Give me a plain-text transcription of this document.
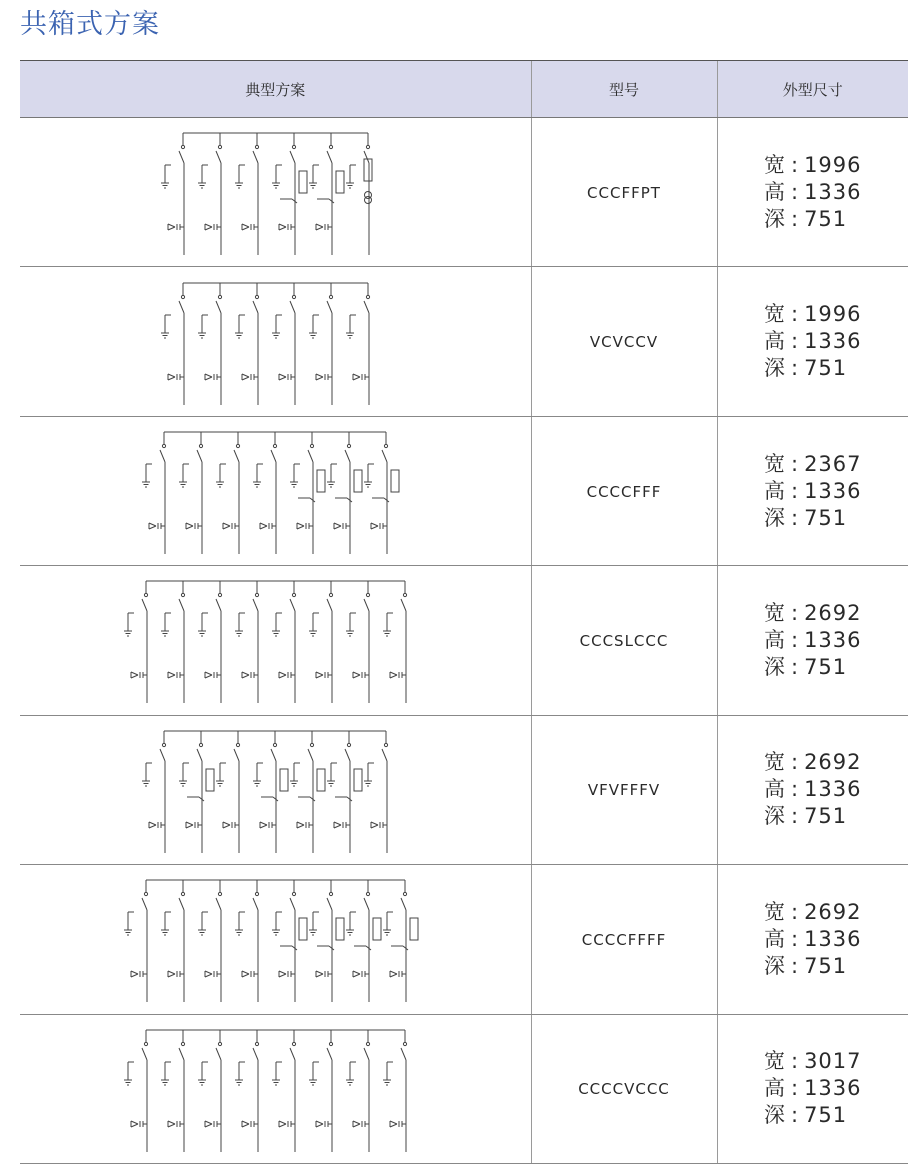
共箱式方案
典型方案	型号	外型尺寸

	CCCFFPT	宽 : 1996
高 : 1336
深 : 751

	VCVCCV	宽 : 1996
高 : 1336
深 : 751

	CCCCFFF	宽 : 2367
高 : 1336
深 : 751

	CCCSLCCC	宽 : 2692
高 : 1336
深 : 751

	VFVFFFV	宽 : 2692
高 : 1336
深 : 751

	CCCCFFFF	宽 : 2692
高 : 1336
深 : 751

	CCCCVCCC	宽 : 3017
高 : 1336
深 : 751
